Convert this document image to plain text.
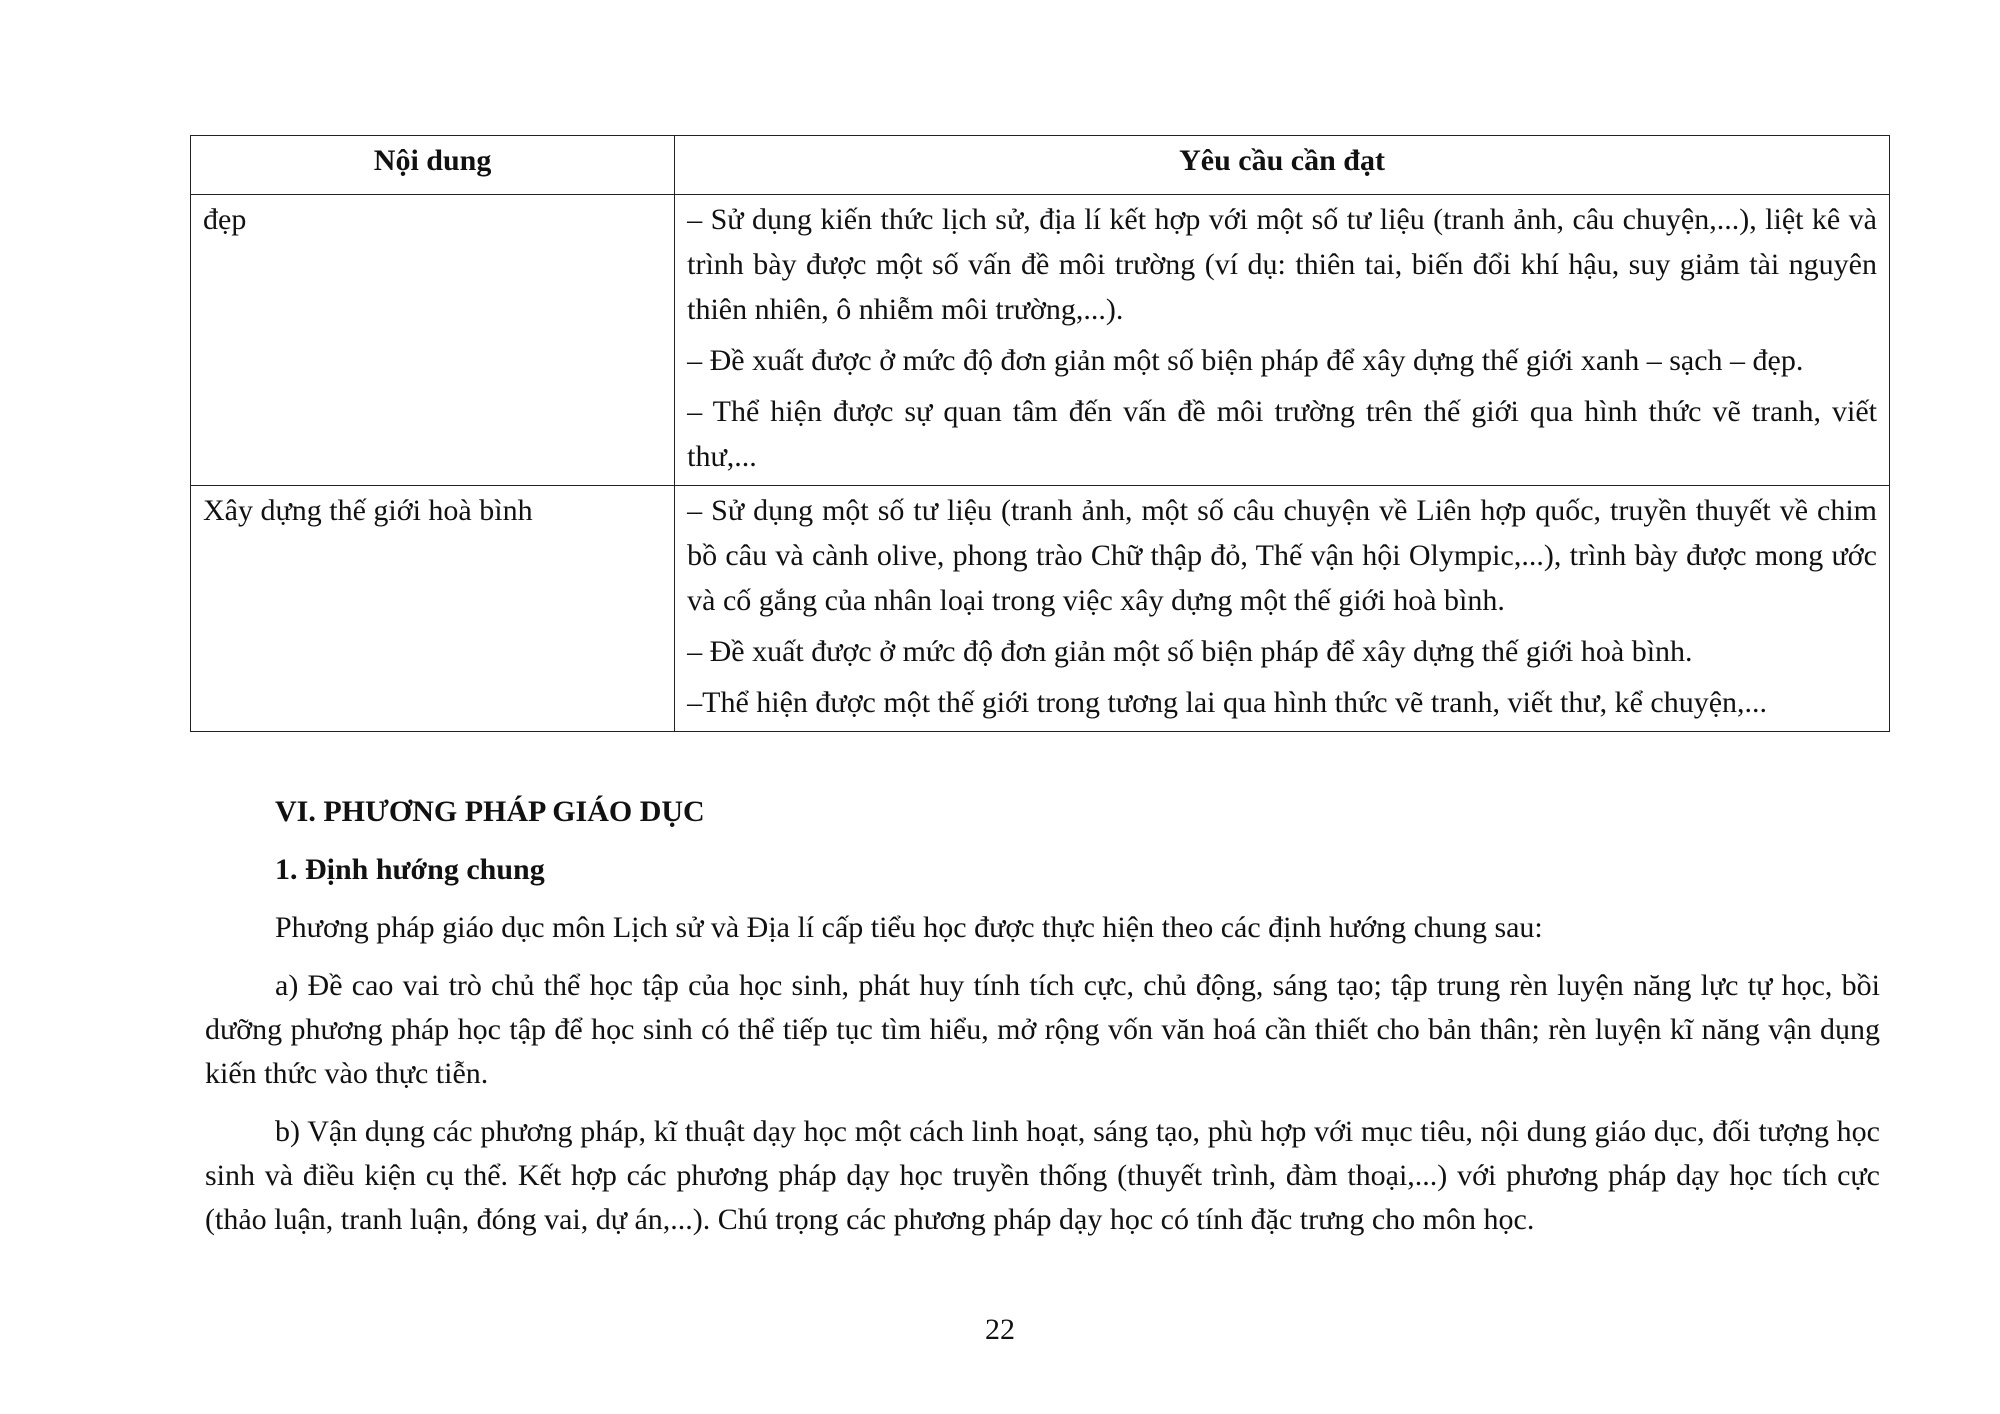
Nội dung	Yêu cầu cần đạt
đẹp	– Sử dụng kiến thức lịch sử, địa lí kết hợp với một số tư liệu (tranh ảnh, câu chuyện,...), liệt kê và trình bày được một số vấn đề môi trường (ví dụ: thiên tai, biến đổi khí hậu, suy giảm tài nguyên thiên nhiên, ô nhiễm môi trường,...).

– Đề xuất được ở mức độ đơn giản một số biện pháp để xây dựng thế giới xanh – sạch – đẹp.

– Thể hiện được sự quan tâm đến vấn đề môi trường trên thế giới qua hình thức vẽ tranh, viết thư,...

Xây dựng thế giới hoà bình	– Sử dụng một số tư liệu (tranh ảnh, một số câu chuyện về Liên hợp quốc, truyền thuyết về chim bồ câu và cành olive, phong trào Chữ thập đỏ, Thế vận hội Olympic,...), trình bày được mong ước và cố gắng của nhân loại trong việc xây dựng một thế giới hoà bình.

– Đề xuất được ở mức độ đơn giản một số biện pháp để xây dựng thế giới hoà bình.

–Thể hiện được một thế giới trong tương lai qua hình thức vẽ tranh, viết thư, kể chuyện,...

VI. PHƯƠNG PHÁP GIÁO DỤC
1. Định hướng chung

Phương pháp giáo dục môn Lịch sử và Địa lí cấp tiểu học được thực hiện theo các định hướng chung sau:

a) Đề cao vai trò chủ thể học tập của học sinh, phát huy tính tích cực, chủ động, sáng tạo; tập trung rèn luyện năng lực tự học, bồi dưỡng phương pháp học tập để học sinh có thể tiếp tục tìm hiểu, mở rộng vốn văn hoá cần thiết cho bản thân; rèn luyện kĩ năng vận dụng kiến thức vào thực tiễn.

b) Vận dụng các phương pháp, kĩ thuật dạy học một cách linh hoạt, sáng tạo, phù hợp với mục tiêu, nội dung giáo dục, đối tượng học sinh và điều kiện cụ thể. Kết hợp các phương pháp dạy học truyền thống (thuyết trình, đàm thoại,...) với phương pháp dạy học tích cực (thảo luận, tranh luận, đóng vai, dự án,...). Chú trọng các phương pháp dạy học có tính đặc trưng cho môn học.

22
